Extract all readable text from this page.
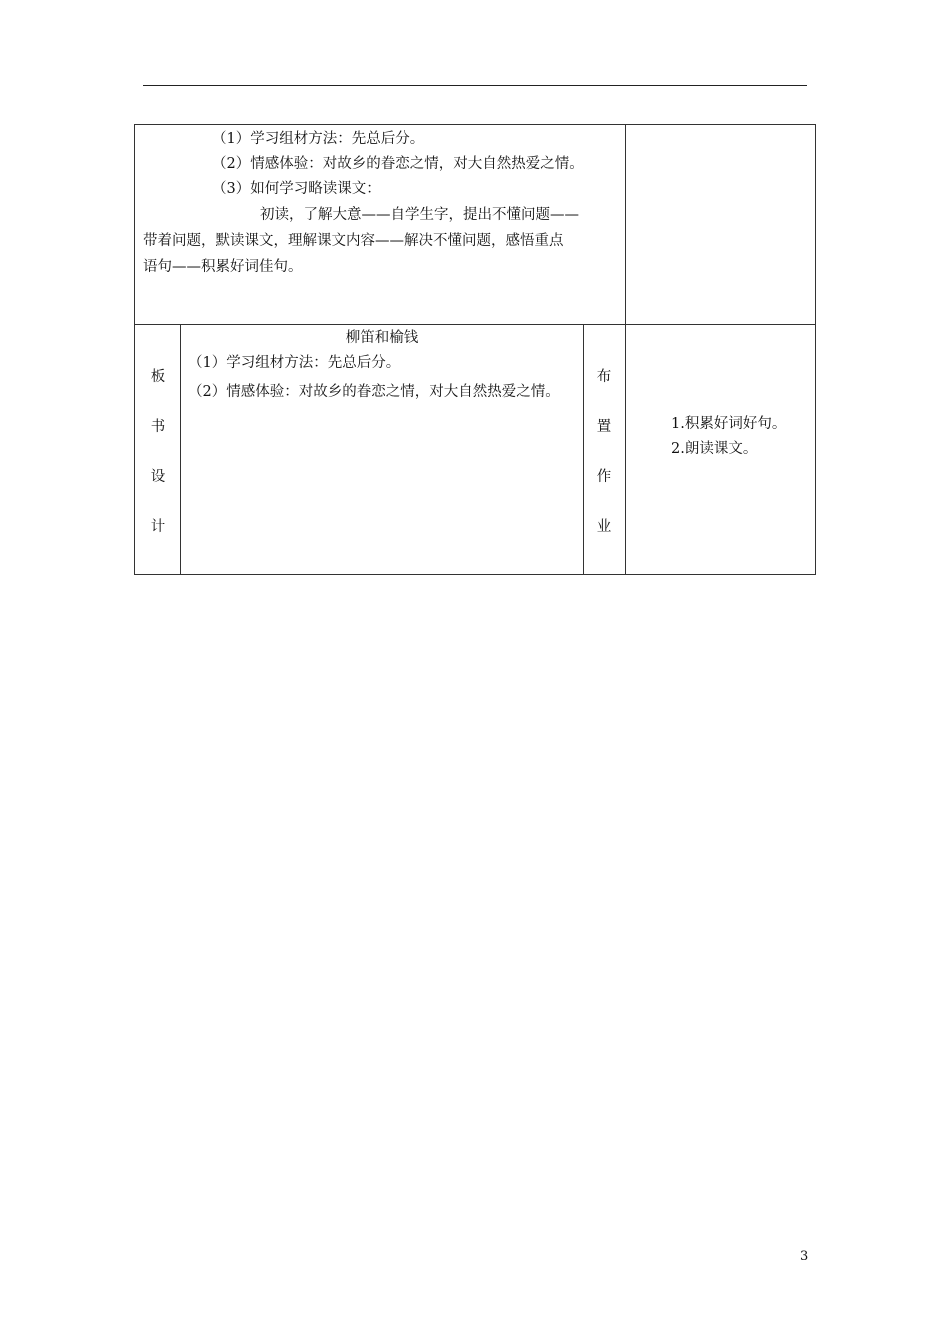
（1）学习组材方法：先总后分。
（2）情感体验：对故乡的眷恋之情，对大自然热爱之情。
（3）如何学习略读课文：
初读，了解大意——自学生字，提出不懂问题——
带着问题，默读课文，理解课文内容——解决不懂问题，感悟重点
语句——积累好词佳句。
板
书
设
计
柳笛和榆钱
（1）学习组材方法：先总后分。
（2）情感体验：对故乡的眷恋之情，对大自然热爱之情。
布
置
作
业
1.积累好词好句。
2.朗读课文。
3
